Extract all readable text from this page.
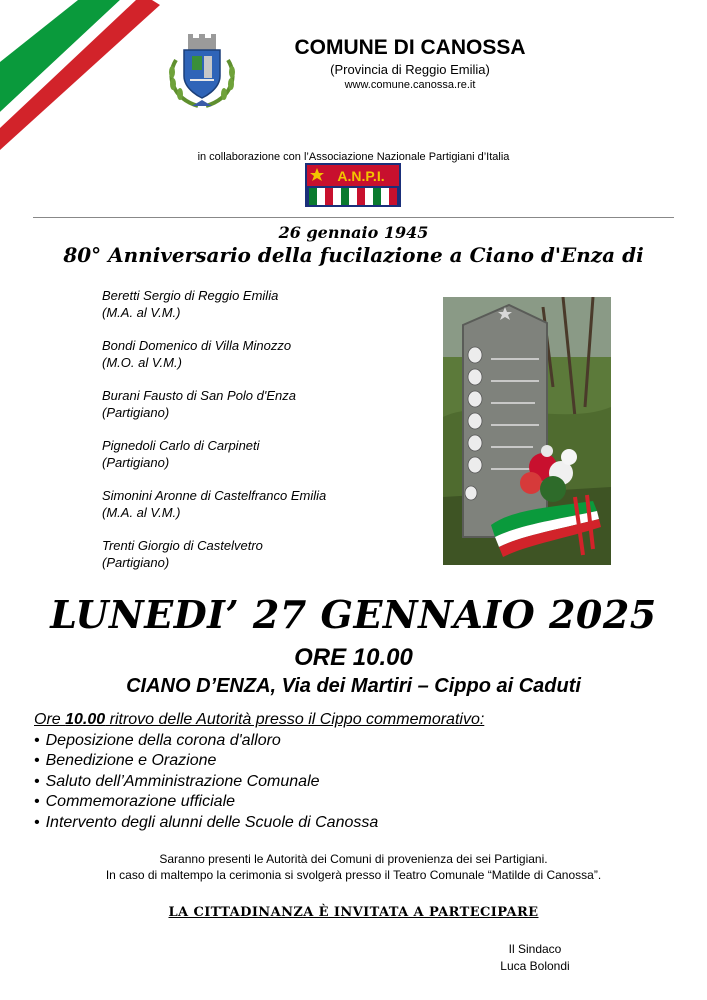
COMUNE DI CANOSSA
(Provincia di Reggio Emilia)
www.comune.canossa.re.it
in collaborazione con l’Associazione Nazionale Partigiani d’Italia
A.N.P.I.
26 gennaio 1945
80° Anniversario della fucilazione a Ciano d'Enza di
Beretti Sergio di Reggio Emilia
(M.A. al V.M.)
Bondi Domenico di Villa Minozzo
(M.O. al V.M.)
Burani Fausto di San Polo d'Enza
(Partigiano)
Pignedoli Carlo di Carpineti
(Partigiano)
Simonini Aronne di Castelfranco Emilia
(M.A. al V.M.)
Trenti Giorgio di Castelvetro
(Partigiano)
LUNEDI’ 27 GENNAIO 2025
ORE 10.00
CIANO D’ENZA, Via dei Martiri – Cippo ai Caduti
Ore 10.00 ritrovo delle Autorità presso il Cippo commemorativo:
• Deposizione della corona d'alloro
• Benedizione e Orazione
• Saluto dell’Amministrazione Comunale
• Commemorazione ufficiale
• Intervento degli alunni delle Scuole di Canossa
Saranno presenti le Autorità dei Comuni di provenienza dei sei Partigiani.
In caso di maltempo la cerimonia si svolgerà presso il Teatro Comunale “Matilde di Canossa”.
LA CITTADINANZA È INVITATA A PARTECIPARE
Il Sindaco
Luca Bolondi
